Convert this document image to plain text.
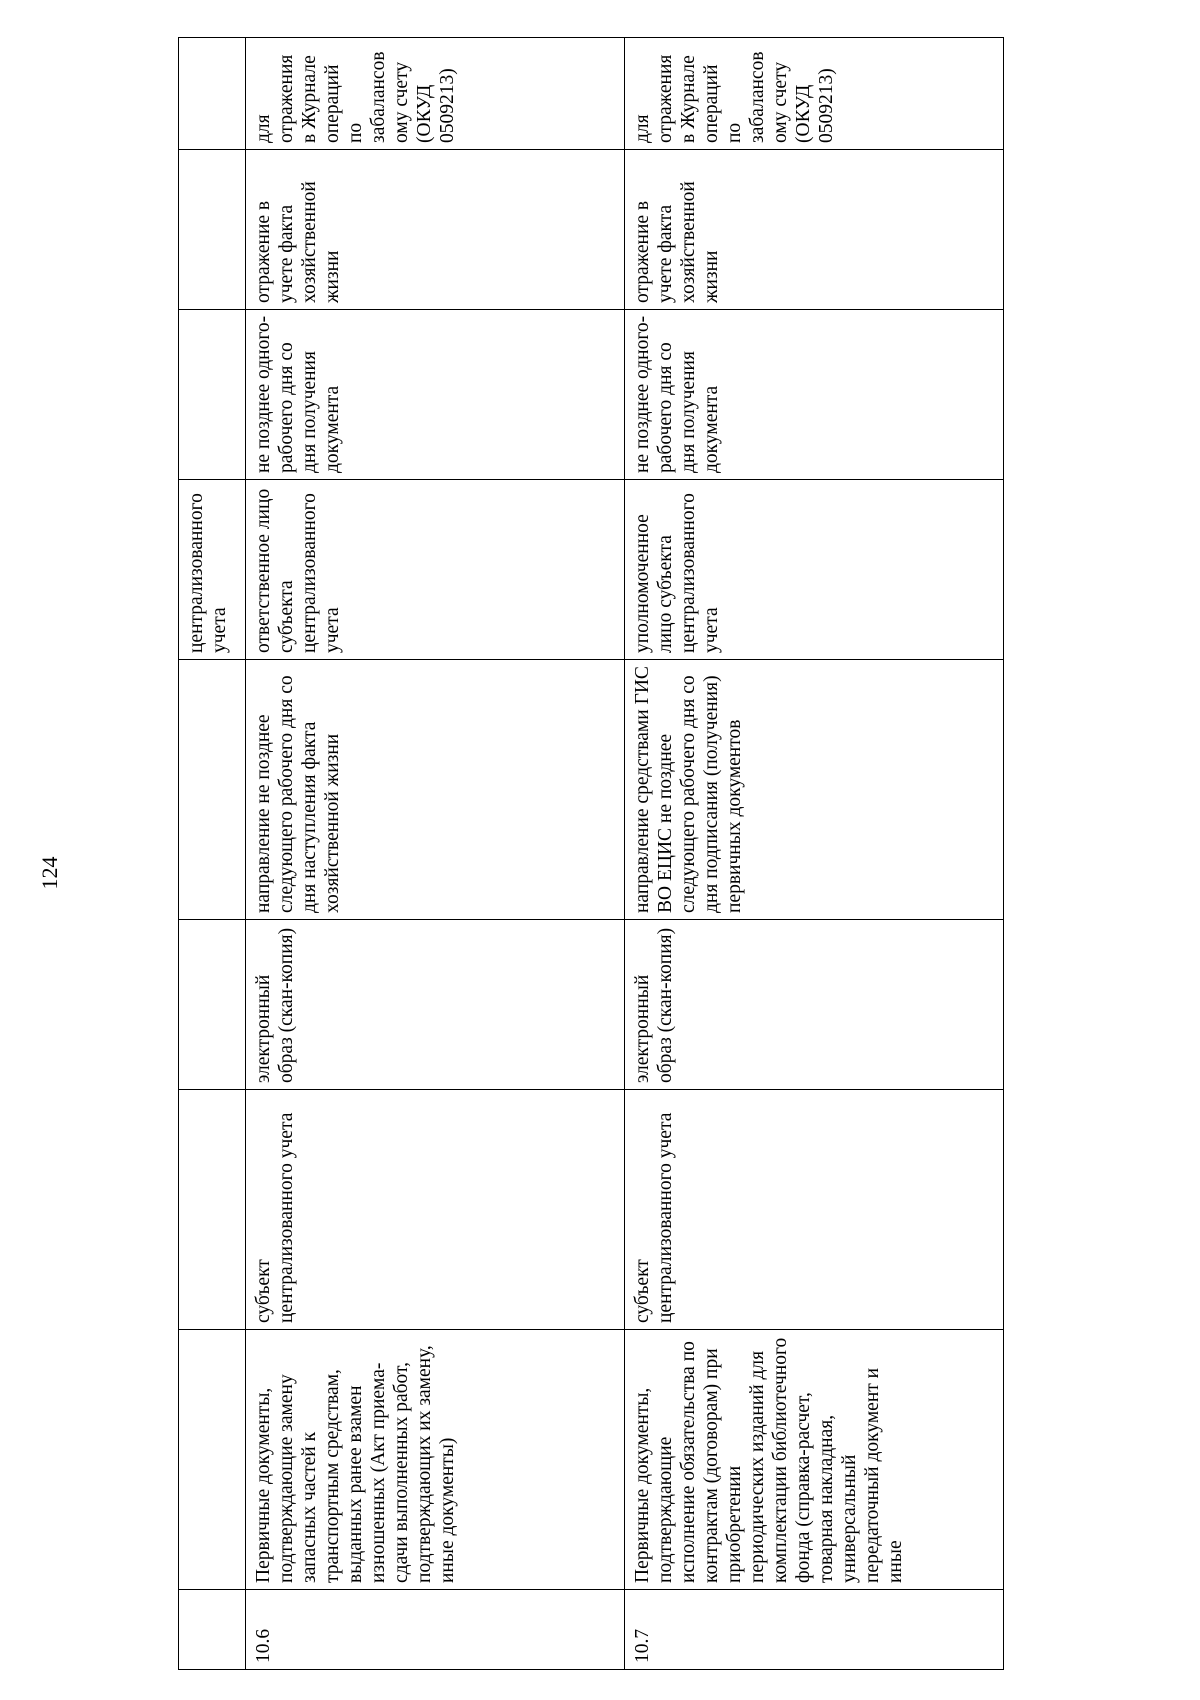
124
					централизованного учета			
10.6	Первичные документы, подтверждающие замену запасных частей к транспортным средствам, выданных ранее взамен изношенных (Акт приема-сдачи выполненных работ, подтверждающих их замену, иные документы)	субъект централизованного учета	электронный образ (скан-копия)	направление не позднее следующего рабочего дня со дня наступления факта хозяйственной жизни	ответственное лицо субъекта централизованного учета	не позднее одного-рабочего дня со дня получения документа	отражение в учете факта хозяйственной жизни	для отражения в Журнале операций по забалансовому счету (ОКУД 0509213)
10.7	Первичные документы, подтверждающие исполнение обязательства по контрактам (договорам) при приобретении периодических изданий для комплектации библиотечного фонда (справка-расчет, товарная накладная, универсальный передаточный документ и иные	субъект централизованного учета	электронный образ (скан-копия)	направление средствами ГИС ВО ЕЦИС не позднее следующего рабочего дня со дня подписания (получения) первичных документов	уполномоченное лицо субъекта централизованного учета	не позднее одного-рабочего дня со дня получения документа	отражение в учете факта хозяйственной жизни	для отражения в Журнале операций по забалансовому счету (ОКУД 0509213)
